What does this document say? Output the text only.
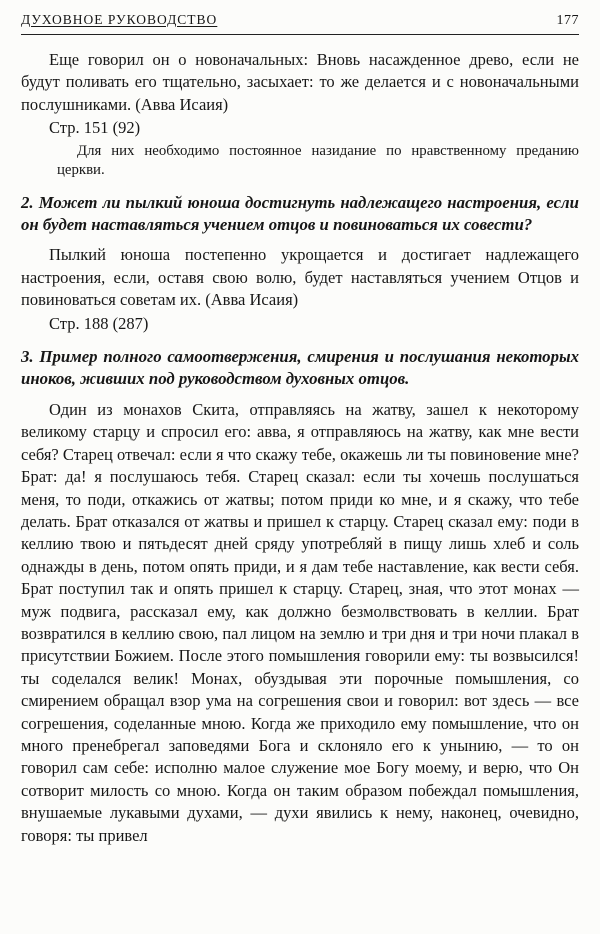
ДУХОВНОЕ РУКОВОДСТВО	177

Еще говорил он о новоначальных: Вновь насажденное древо, если не будут поливать его тщательно, засыхает: то же делается и с новоначальными послушниками. (Авва Исаия)

Стр. 151 (92)

Для них необходимо постоянное назидание по нравственному преданию церкви.

2. Может ли пылкий юноша достигнуть надлежащего настроения, если он будет наставляться учением отцов и повиноваться их совести?

Пылкий юноша постепенно укрощается и достигает надлежащего настроения, если, оставя свою волю, будет наставляться учением Отцов и повиноваться советам их. (Авва Исаия)

Стр. 188 (287)

3. Пример полного самоотвержения, смирения и послушания некоторых иноков, живших под руководством духовных отцов.

Один из монахов Скита, отправляясь на жатву, зашел к некоторому великому старцу и спросил его: авва, я отправляюсь на жатву, как мне вести себя? Старец отвечал: если я что скажу тебе, окажешь ли ты повиновение мне? Брат: да! я послушаюсь тебя. Старец сказал: если ты хочешь послушаться меня, то поди, откажись от жатвы; потом приди ко мне, и я скажу, что тебе делать. Брат отказался от жатвы и пришел к старцу. Старец сказал ему: поди в келлию твою и пятьдесят дней сряду употребляй в пищу лишь хлеб и соль однажды в день, потом опять приди, и я дам тебе наставление, как вести себя. Брат поступил так и опять пришел к старцу. Старец, зная, что этот монах — муж подвига, рассказал ему, как должно безмолвствовать в келлии. Брат возвратился в келлию свою, пал лицом на землю и три дня и три ночи плакал в присутствии Божием. После этого помышления говорили ему: ты возвысился! ты соделался велик! Монах, обуздывая эти порочные помышления, со смирением обращал взор ума на согрешения свои и говорил: вот здесь — все согрешения, соделанные мною. Когда же приходило ему помышление, что он много пренебрегал заповедями Бога и склоняло его к унынию, — то он говорил сам себе: исполню малое служение мое Богу моему, и верю, что Он сотворит милость со мною. Когда он таким образом побеждал помышления, внушаемые лукавыми духами, — духи явились к нему, наконец, очевидно, говоря: ты привел
